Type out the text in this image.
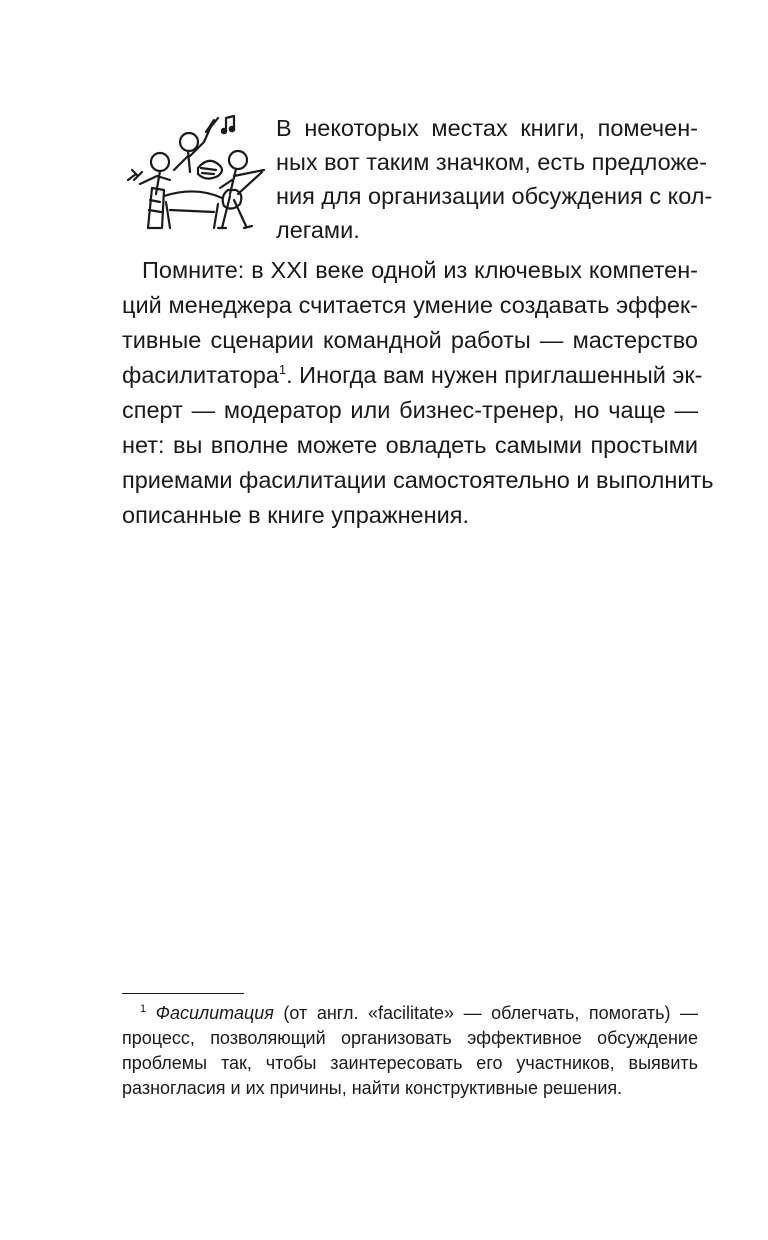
В некоторых местах книги, помечен-
ных вот таким значком, есть предложе-
ния для организации обсуждения с кол-
легами.
Помните: в XXI веке одной из ключевых компетен-
ций менеджера считается умение создавать эффек-
тивные сценарии командной работы — мастерство
фасилитатора$^1$. Иногда вам нужен приглашенный эк-
сперт — модератор или бизнес-тренер, но чаще —
нет: вы вполне можете овладеть самыми простыми
приемами фасилитации самостоятельно и выполнить
описанные в книге упражнения.
$^1$ Фасилитация (от англ. «facilitate» — облегчать, помогать) —
процесс, позволяющий организовать эффективное обсуждение
проблемы так, чтобы заинтересовать его участников, выявить
разногласия и их причины, найти конструктивные решения.
